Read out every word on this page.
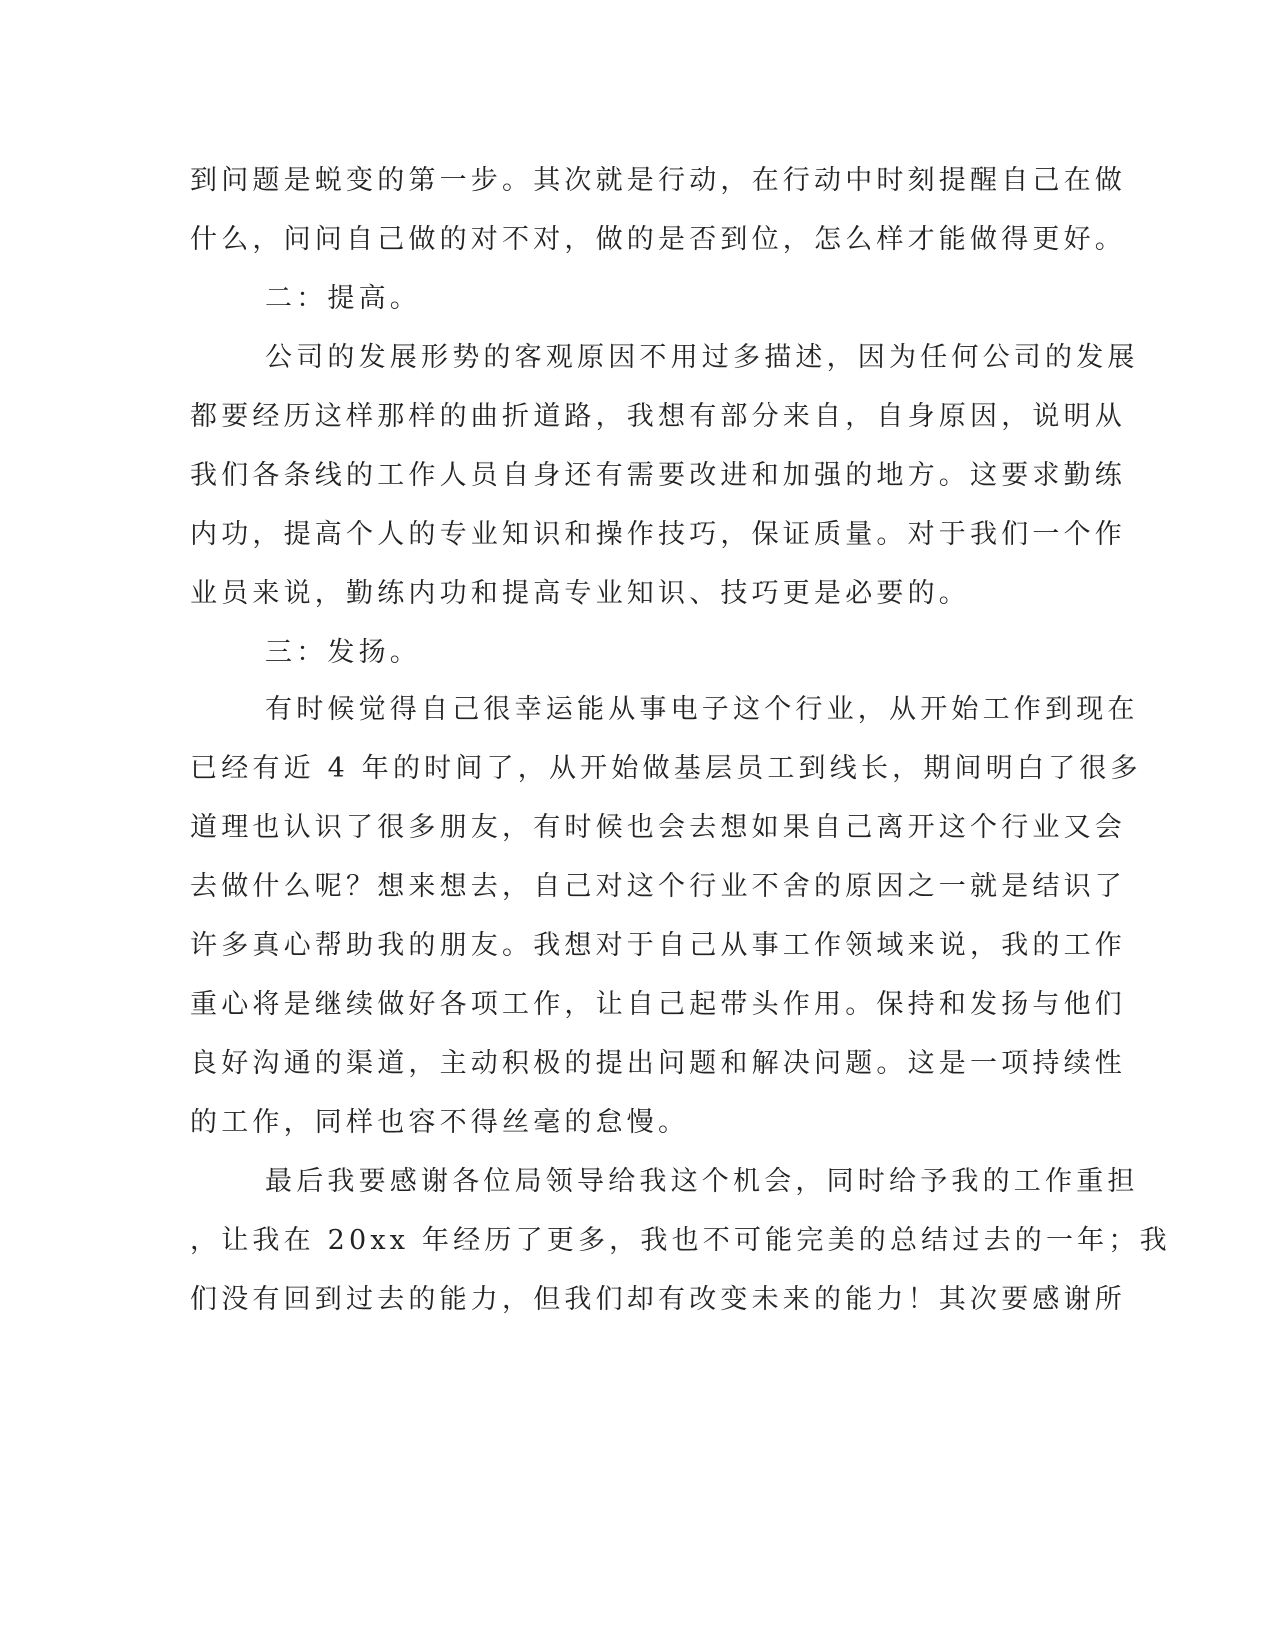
到问题是蜕变的第一步。其次就是行动，在行动中时刻提醒自己在做
什么，问问自己做的对不对，做的是否到位，怎么样才能做得更好。
二：提高。
公司的发展形势的客观原因不用过多描述，因为任何公司的发展
都要经历这样那样的曲折道路，我想有部分来自，自身原因，说明从
我们各条线的工作人员自身还有需要改进和加强的地方。这要求勤练
内功，提高个人的专业知识和操作技巧，保证质量。对于我们一个作
业员来说，勤练内功和提高专业知识、技巧更是必要的。
三：发扬。
有时候觉得自己很幸运能从事电子这个行业，从开始工作到现在
已经有近 4 年的时间了，从开始做基层员工到线长，期间明白了很多
道理也认识了很多朋友，有时候也会去想如果自己离开这个行业又会
去做什么呢？想来想去，自己对这个行业不舍的原因之一就是结识了
许多真心帮助我的朋友。我想对于自己从事工作领域来说，我的工作
重心将是继续做好各项工作，让自己起带头作用。保持和发扬与他们
良好沟通的渠道，主动积极的提出问题和解决问题。这是一项持续性
的工作，同样也容不得丝毫的怠慢。
最后我要感谢各位局领导给我这个机会，同时给予我的工作重担
，让我在 20xx 年经历了更多，我也不可能完美的总结过去的一年；我
们没有回到过去的能力，但我们却有改变未来的能力！其次要感谢所
